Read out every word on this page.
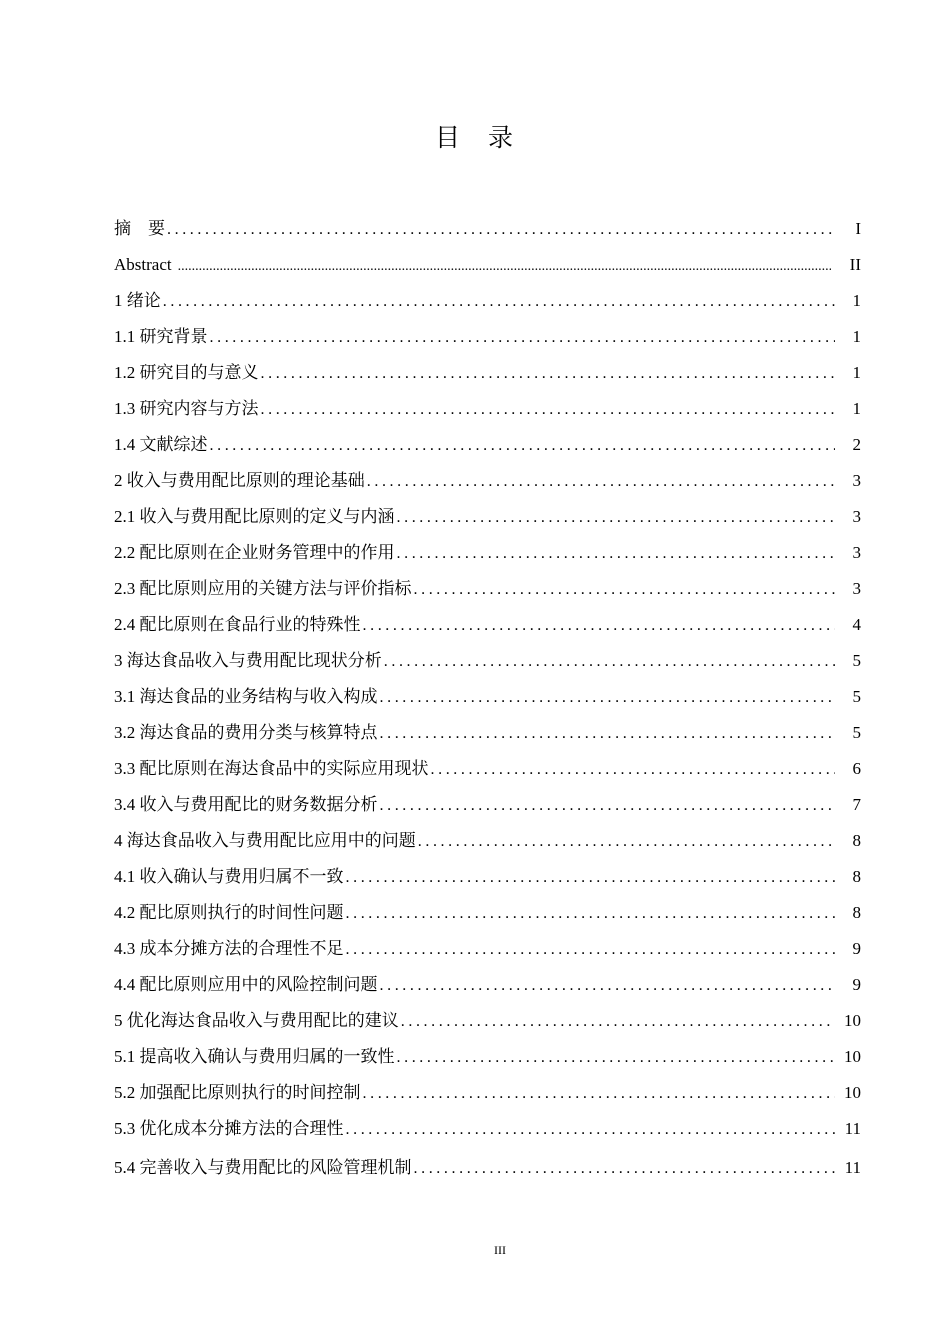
目 录
摘　要 .....	I
Abstract .....	II
1 绪论 .....	1
1.1 研究背景 .....	1
1.2 研究目的与意义 .....	1
1.3 研究内容与方法 .....	1
1.4 文献综述 .....	2
2 收入与费用配比原则的理论基础 .....	3
2.1 收入与费用配比原则的定义与内涵 .....	3
2.2 配比原则在企业财务管理中的作用 .....	3
2.3 配比原则应用的关键方法与评价指标 .....	3
2.4 配比原则在食品行业的特殊性 .....	4
3 海达食品收入与费用配比现状分析 .....	5
3.1 海达食品的业务结构与收入构成 .....	5
3.2 海达食品的费用分类与核算特点 .....	5
3.3 配比原则在海达食品中的实际应用现状 .....	6
3.4 收入与费用配比的财务数据分析 .....	7
4 海达食品收入与费用配比应用中的问题 .....	8
4.1 收入确认与费用归属不一致 .....	8
4.2 配比原则执行的时间性问题 .....	8
4.3 成本分摊方法的合理性不足 .....	9
4.4 配比原则应用中的风险控制问题 .....	9
5 优化海达食品收入与费用配比的建议 .....	10
5.1 提高收入确认与费用归属的一致性 .....	10
5.2 加强配比原则执行的时间控制 .....	10
5.3 优化成本分摊方法的合理性 .....	11
5.4 完善收入与费用配比的风险管理机制 .....	11
III
